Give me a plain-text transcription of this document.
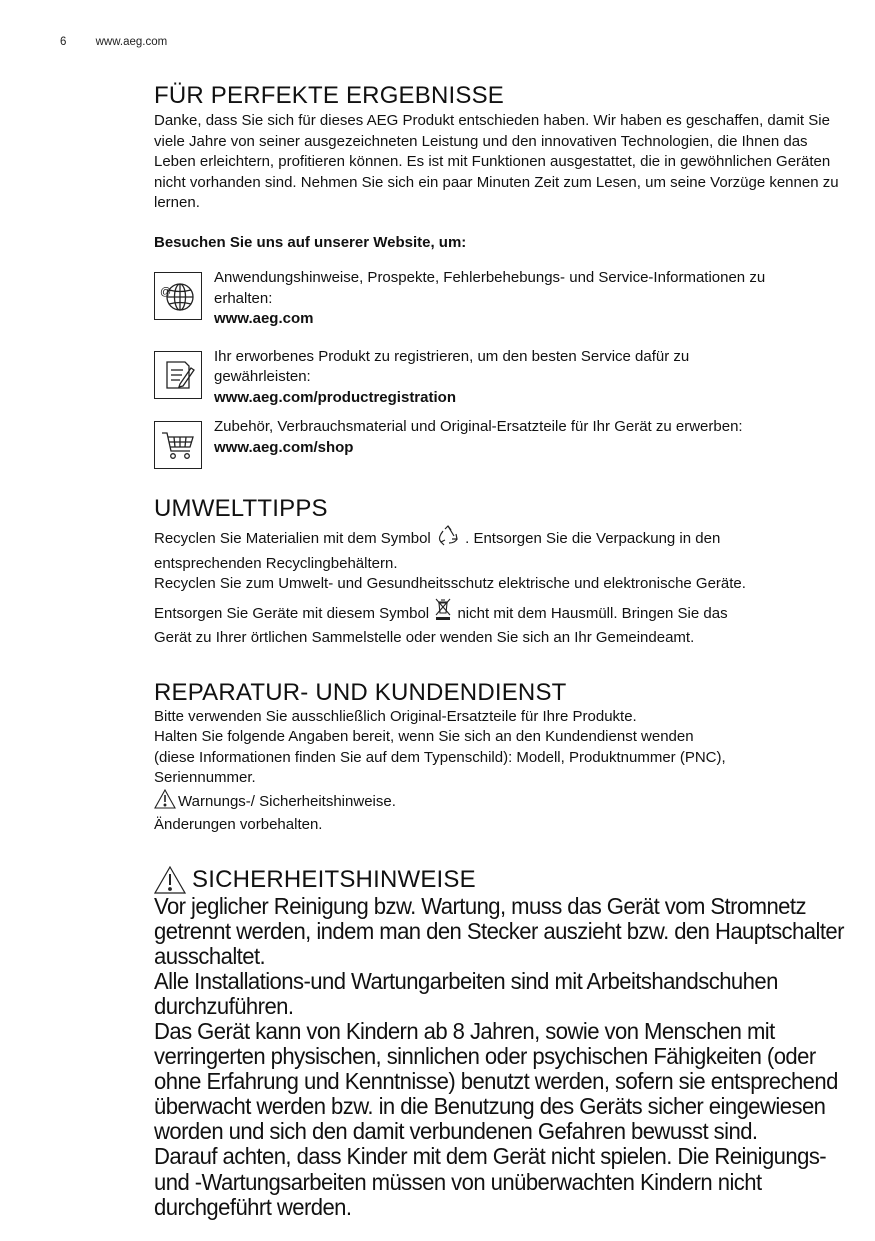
6	www.aeg.com
FÜR PERFEKTE ERGEBNISSE

Danke, dass Sie sich für dieses AEG Produkt entschieden haben. Wir haben es geschaffen, damit Sie viele Jahre von seiner ausgezeichneten Leistung und den innovativen Technologien, die Ihnen das Leben erleichtern, profitieren können. Es ist mit Funktionen ausgestattet, die in gewöhnlichen Geräten nicht vorhanden sind. Nehmen Sie sich ein paar Minuten Zeit zum Lesen, um seine Vorzüge kennen zu lernen.

Besuchen Sie uns auf unserer Website, um:

@
Anwendungshinweise, Prospekte, Fehlerbehebungs- und Service-Informationen zu
erhalten:
www.aeg.com
Ihr erworbenes Produkt zu registrieren, um den besten Service dafür zu
gewährleisten:
www.aeg.com/productregistration
Zubehör, Verbrauchsmaterial und Original-Ersatzteile für Ihr Gerät zu erwerben:
www.aeg.com/shop
UMWELTTIPPS

Recyclen Sie Materialien mit dem Symbol . Entsorgen Sie die Verpackung in den

entsprechenden Recyclingbehältern.

Recyclen Sie zum Umwelt- und Gesundheitsschutz elektrische und elektronische Geräte.

Entsorgen Sie Geräte mit diesem Symbol nicht mit dem Hausmüll. Bringen Sie das

Gerät zu Ihrer örtlichen Sammelstelle oder wenden Sie sich an Ihr Gemeindeamt.

REPARATUR- UND KUNDENDIENST

Bitte verwenden Sie ausschließlich Original-Ersatzteile für Ihre Produkte.

Halten Sie folgende Angaben bereit, wenn Sie sich an den Kundendienst wenden

(diese Informationen finden Sie auf dem Typenschild): Modell, Produktnummer (PNC),

Seriennummer.

Warnungs-/ Sicherheitshinweise.

Änderungen vorbehalten.

SICHERHEITSHINWEISE
Vor jeglicher Reinigung bzw. Wartung, muss das Gerät vom Stromnetz getrennt werden, indem man den Stecker auszieht bzw. den Hauptschalter ausschaltet.
Alle Installations-und Wartungarbeiten sind mit Arbeitshandschuhen durchzuführen.
Das Gerät kann von Kindern ab 8 Jahren, sowie von Menschen mit verringerten physischen, sinnlichen oder psychischen Fähigkeiten (oder ohne Erfahrung und Kenntnisse) benutzt werden, sofern sie entsprechend überwacht werden bzw. in die Benutzung des Geräts sicher eingewiesen worden und sich den damit verbundenen Gefahren bewusst sind.
Darauf achten, dass Kinder mit dem Gerät nicht spielen. Die Reinigungs- und -Wartungsarbeiten müssen von unüberwachten Kindern nicht durchgeführt werden.
